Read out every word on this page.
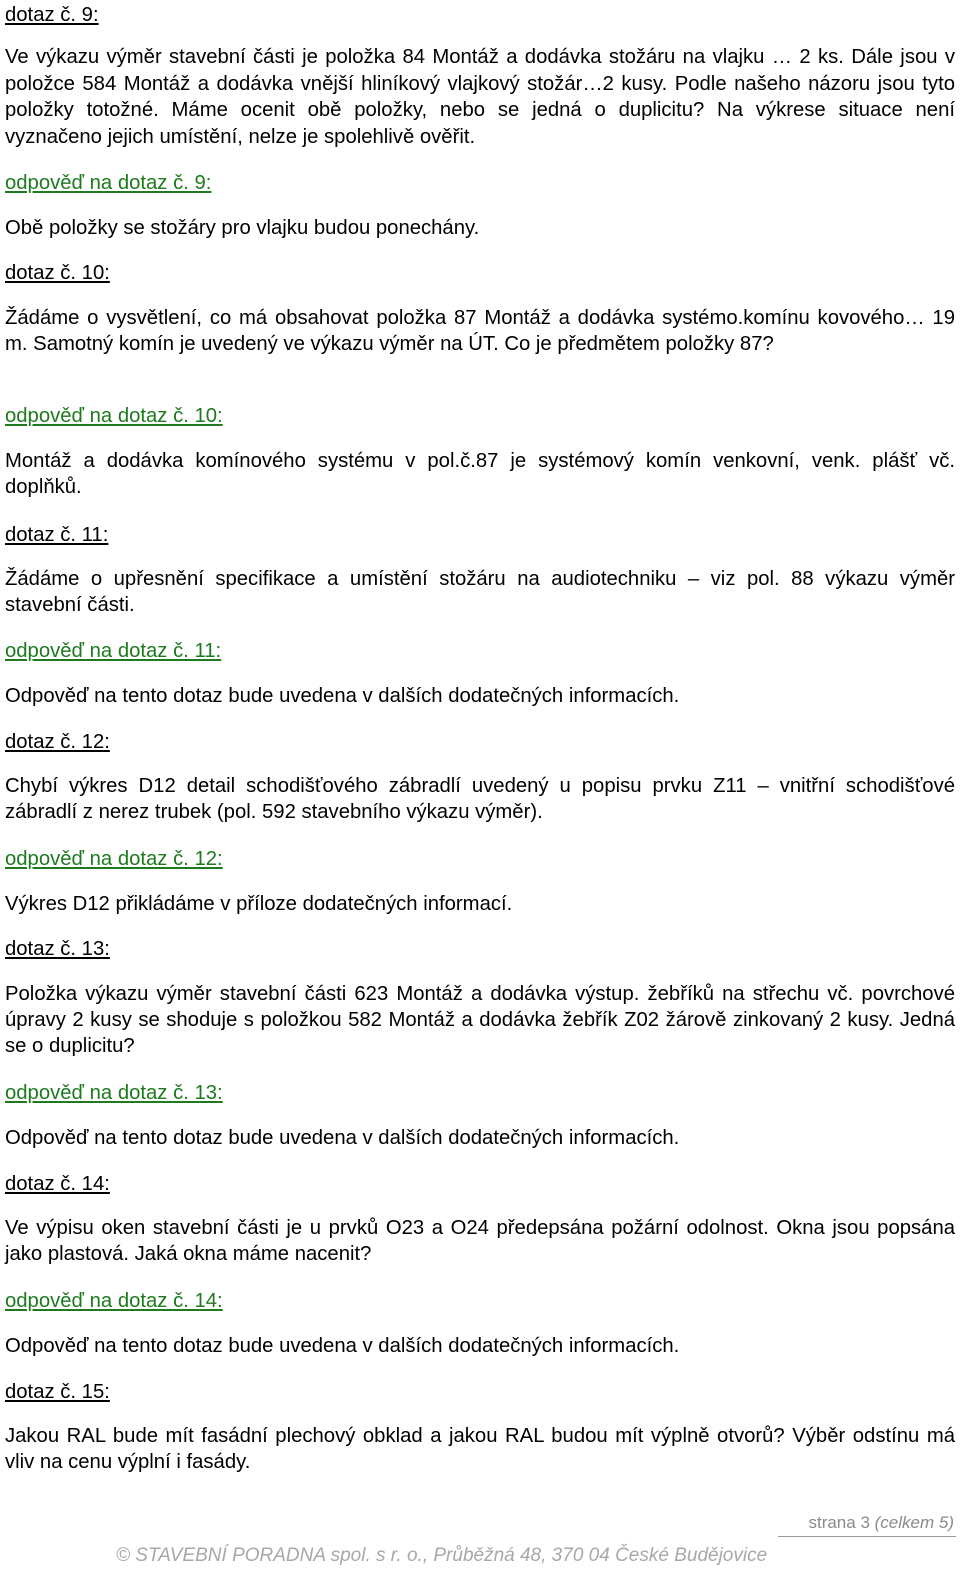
dotaz č. 9:

Ve výkazu výměr stavební části je položka 84 Montáž a dodávka stožáru na vlajku … 2 ks. Dále jsou v položce 584 Montáž a dodávka vnější hliníkový vlajkový stožár…2 kusy. Podle našeho názoru jsou tyto položky totožné. Máme ocenit obě položky, nebo se jedná o duplicitu? Na výkrese situace není vyznačeno jejich umístění, nelze je spolehlivě ověřit.

odpověď na dotaz č. 9:

Obě položky se stožáry pro vlajku budou ponechány.

dotaz č. 10:

Žádáme o vysvětlení, co má obsahovat položka 87 Montáž a dodávka systémo.komínu kovového… 19 m. Samotný komín je uvedený ve výkazu výměr na ÚT. Co je předmětem položky 87?

odpověď na dotaz č. 10:

Montáž a dodávka komínového systému v pol.č.87 je systémový komín venkovní, venk. plášť vč. doplňků.

dotaz č. 11:

Žádáme o upřesnění specifikace a umístění stožáru na audiotechniku – viz pol. 88 výkazu výměr stavební části.

odpověď na dotaz č. 11:

Odpověď na tento dotaz bude uvedena v dalších dodatečných informacích.

dotaz č. 12:

Chybí výkres D12 detail schodišťového zábradlí uvedený u popisu prvku Z11 – vnitřní schodišťové zábradlí z nerez trubek (pol. 592 stavebního výkazu výměr).

odpověď na dotaz č. 12:

Výkres D12 přikládáme v příloze dodatečných informací.

dotaz č. 13:

Položka výkazu výměr stavební části 623 Montáž a dodávka výstup. žebříků na střechu vč. povrchové úpravy 2 kusy se shoduje s položkou 582 Montáž a dodávka žebřík Z02 žárově zinkovaný 2 kusy. Jedná se o duplicitu?

odpověď na dotaz č. 13:

Odpověď na tento dotaz bude uvedena v dalších dodatečných informacích.

dotaz č. 14:

Ve výpisu oken stavební části je u prvků O23 a O24 předepsána požární odolnost. Okna jsou popsána jako plastová. Jaká okna máme nacenit?

odpověď na dotaz č. 14:

Odpověď na tento dotaz bude uvedena v dalších dodatečných informacích.

dotaz č. 15:

Jakou RAL bude mít fasádní plechový obklad a jakou RAL budou mít výplně otvorů? Výběr odstínu má vliv na cenu výplní i fasády.

strana 3 (celkem 5)
© STAVEBNÍ PORADNA spol. s r. o., Průběžná 48, 370 04 České Budějovice
